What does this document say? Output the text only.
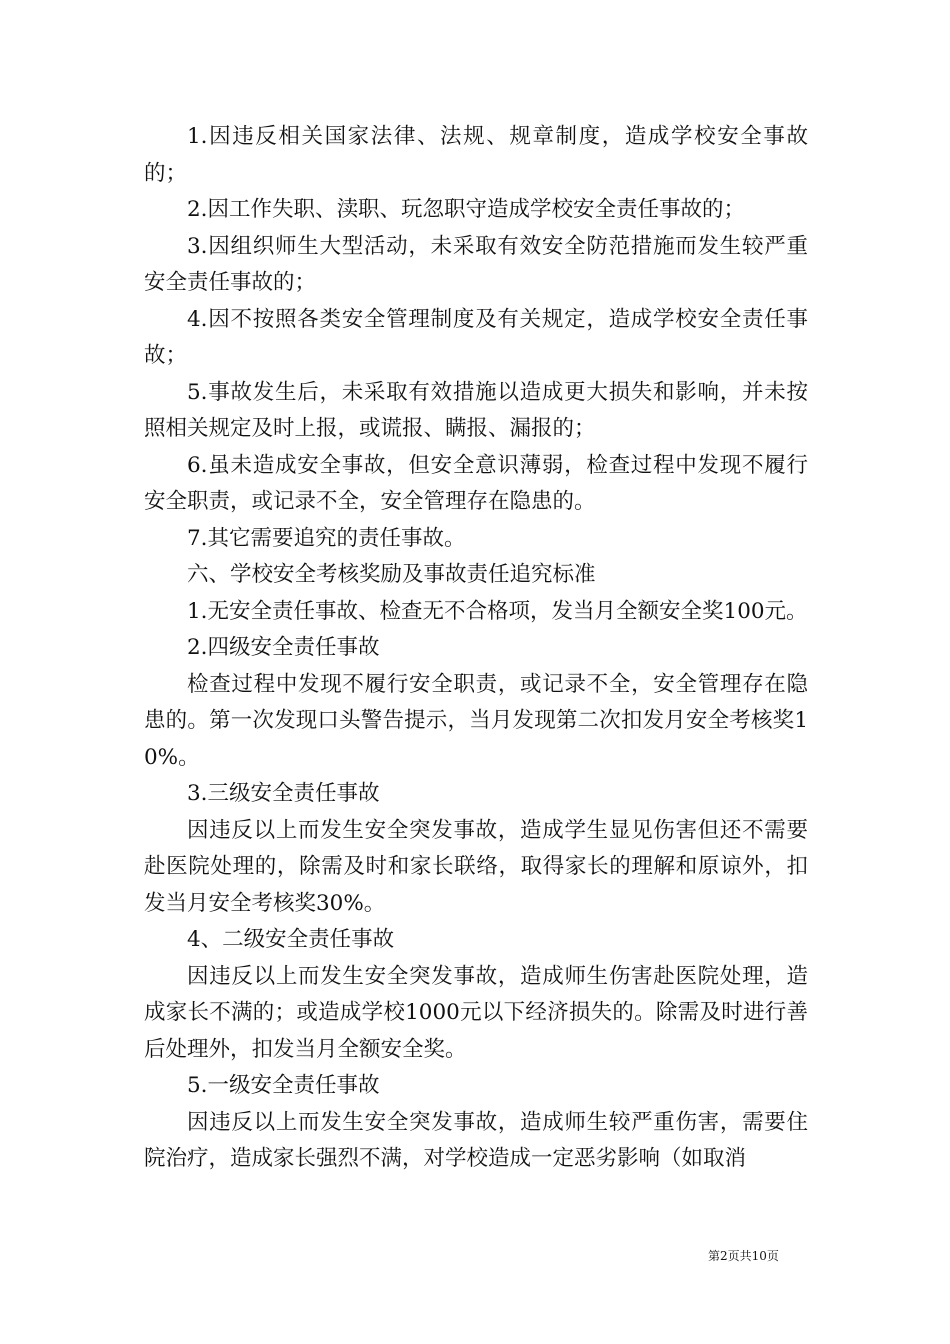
1.因违反相关国家法律、法规、规章制度，造成学校安全事故的；

2.因工作失职、渎职、玩忽职守造成学校安全责任事故的；

3.因组织师生大型活动，未采取有效安全防范措施而发生较严重安全责任事故的；

4.因不按照各类安全管理制度及有关规定，造成学校安全责任事故；

5.事故发生后，未采取有效措施以造成更大损失和影响，并未按照相关规定及时上报，或谎报、瞒报、漏报的；

6.虽未造成安全事故，但安全意识薄弱，检查过程中发现不履行安全职责，或记录不全，安全管理存在隐患的。

7.其它需要追究的责任事故。

六、学校安全考核奖励及事故责任追究标准

1.无安全责任事故、检查无不合格项，发当月全额安全奖100元。

2.四级安全责任事故

检查过程中发现不履行安全职责，或记录不全，安全管理存在隐患的。第一次发现口头警告提示，当月发现第二次扣发月安全考核奖10%。

3.三级安全责任事故

因违反以上而发生安全突发事故，造成学生显见伤害但还不需要赴医院处理的，除需及时和家长联络，取得家长的理解和原谅外，扣发当月安全考核奖30%。

4、二级安全责任事故

因违反以上而发生安全突发事故，造成师生伤害赴医院处理，造成家长不满的；或造成学校1000元以下经济损失的。除需及时进行善后处理外，扣发当月全额安全奖。

5.一级安全责任事故

因违反以上而发生安全突发事故，造成师生较严重伤害，需要住院治疗，造成家长强烈不满，对学校造成一定恶劣影响（如取消

第2页共10页
